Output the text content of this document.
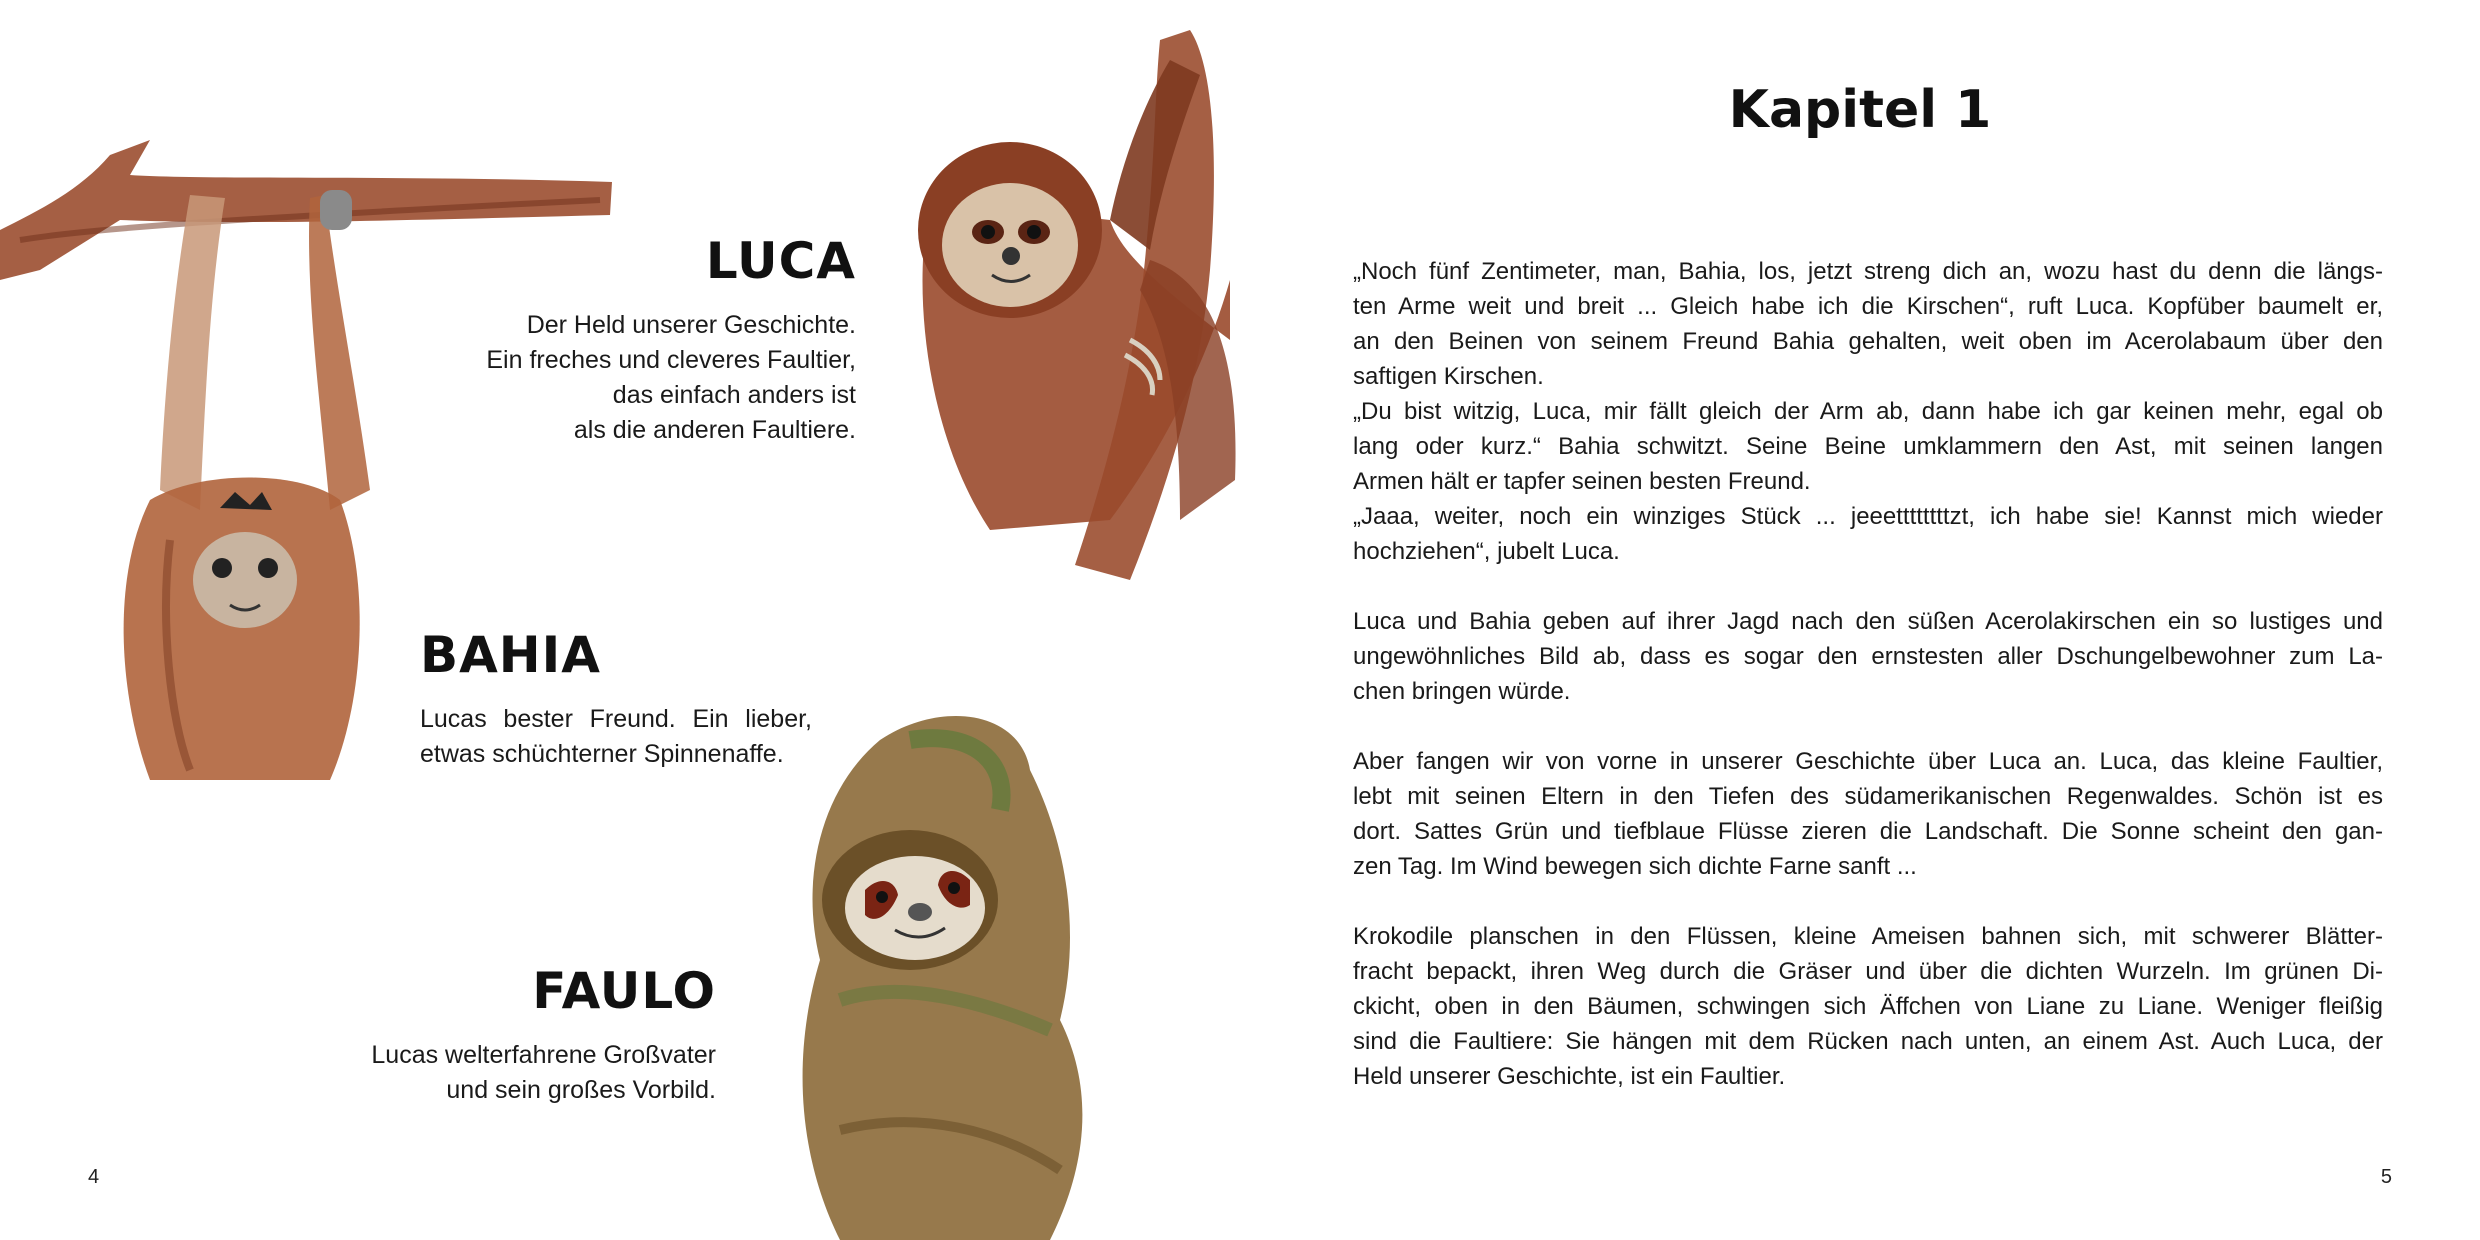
LUCA

Der Held unserer Geschichte.
Ein freches und cleveres Faultier,
das einfach anders ist
als die anderen Faultiere.

BAHIA

Lucas bester Freund. Ein lieber,
etwas schüchterner Spinnenaffe.

FAULO

Lucas welterfahrene Großvater
und sein großes Vorbild.

4
Kapitel 1

„Noch fünf Zentimeter, man, Bahia, los, jetzt streng dich an, wozu hast du denn die längs-
ten Arme weit und breit ... Gleich habe ich die Kirschen“, ruft Luca. Kopfüber baumelt er,
an den Beinen von seinem Freund Bahia gehalten, weit oben im Acerolabaum über den
saftigen Kirschen.
„Du bist witzig, Luca, mir fällt gleich der Arm ab, dann habe ich gar keinen mehr, egal ob
lang oder kurz.“ Bahia schwitzt. Seine Beine umklammern den Ast, mit seinen langen
Armen hält er tapfer seinen besten Freund.
„Jaaa, weiter, noch ein winziges Stück ... jeeettttttttzt, ich habe sie! Kannst mich wieder
hochziehen“, jubelt Luca.

Luca und Bahia geben auf ihrer Jagd nach den süßen Acerolakirschen ein so lustiges und
ungewöhnliches Bild ab, dass es sogar den ernstesten aller Dschungelbewohner zum La-
chen bringen würde.

Aber fangen wir von vorne in unserer Geschichte über Luca an. Luca, das kleine Faultier,
lebt mit seinen Eltern in den Tiefen des südamerikanischen Regenwaldes. Schön ist es
dort. Sattes Grün und tiefblaue Flüsse zieren die Landschaft. Die Sonne scheint den gan-
zen Tag. Im Wind bewegen sich dichte Farne sanft ...

Krokodile planschen in den Flüssen, kleine Ameisen bahnen sich, mit schwerer Blätter-
fracht bepackt, ihren Weg durch die Gräser und über die dichten Wurzeln. Im grünen Di-
ckicht, oben in den Bäumen, schwingen sich Äffchen von Liane zu Liane. Weniger fleißig
sind die Faultiere: Sie hängen mit dem Rücken nach unten, an einem Ast. Auch Luca, der
Held unserer Geschichte, ist ein Faultier.

5
